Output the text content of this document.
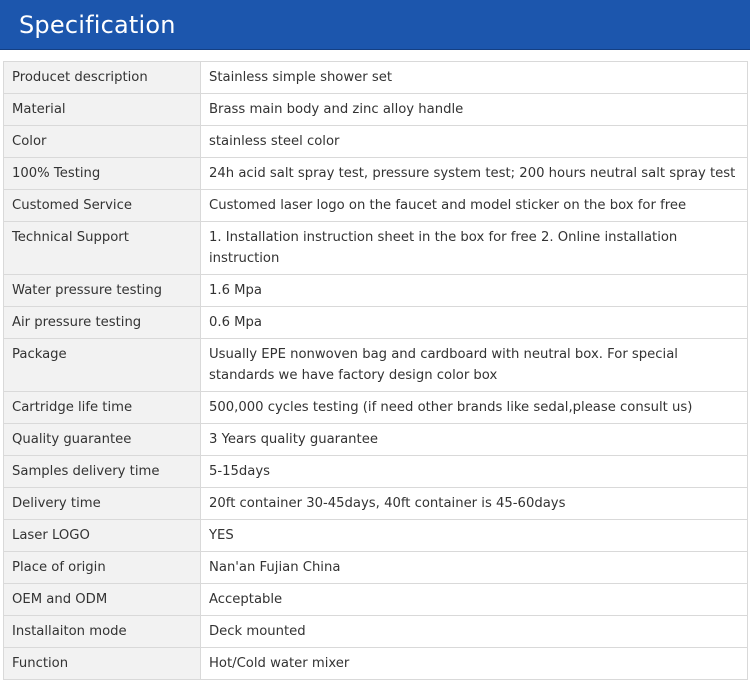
Specification
Producet description	Stainless simple shower set
Material	Brass main body and zinc alloy handle
Color	stainless steel color
100% Testing	24h acid salt spray test, pressure system test; 200 hours neutral salt spray test
Customed Service	Customed laser logo on the faucet and model sticker on the box for free
Technical Support	1. Installation instruction sheet in the box for free 2. Online installation instruction
Water pressure testing	1.6 Mpa
Air pressure testing	0.6 Mpa
Package	Usually EPE nonwoven bag and cardboard with neutral box. For special standards we have factory design color box
Cartridge life time	500,000 cycles testing (if need other brands like sedal,please consult us)
Quality guarantee	3 Years quality guarantee
Samples delivery time	5-15days
Delivery time	20ft container 30-45days, 40ft container is 45-60days
Laser LOGO	YES
Place of origin	Nan'an Fujian China
OEM and ODM	Acceptable
Installaiton mode	Deck mounted
Function	Hot/Cold water mixer
